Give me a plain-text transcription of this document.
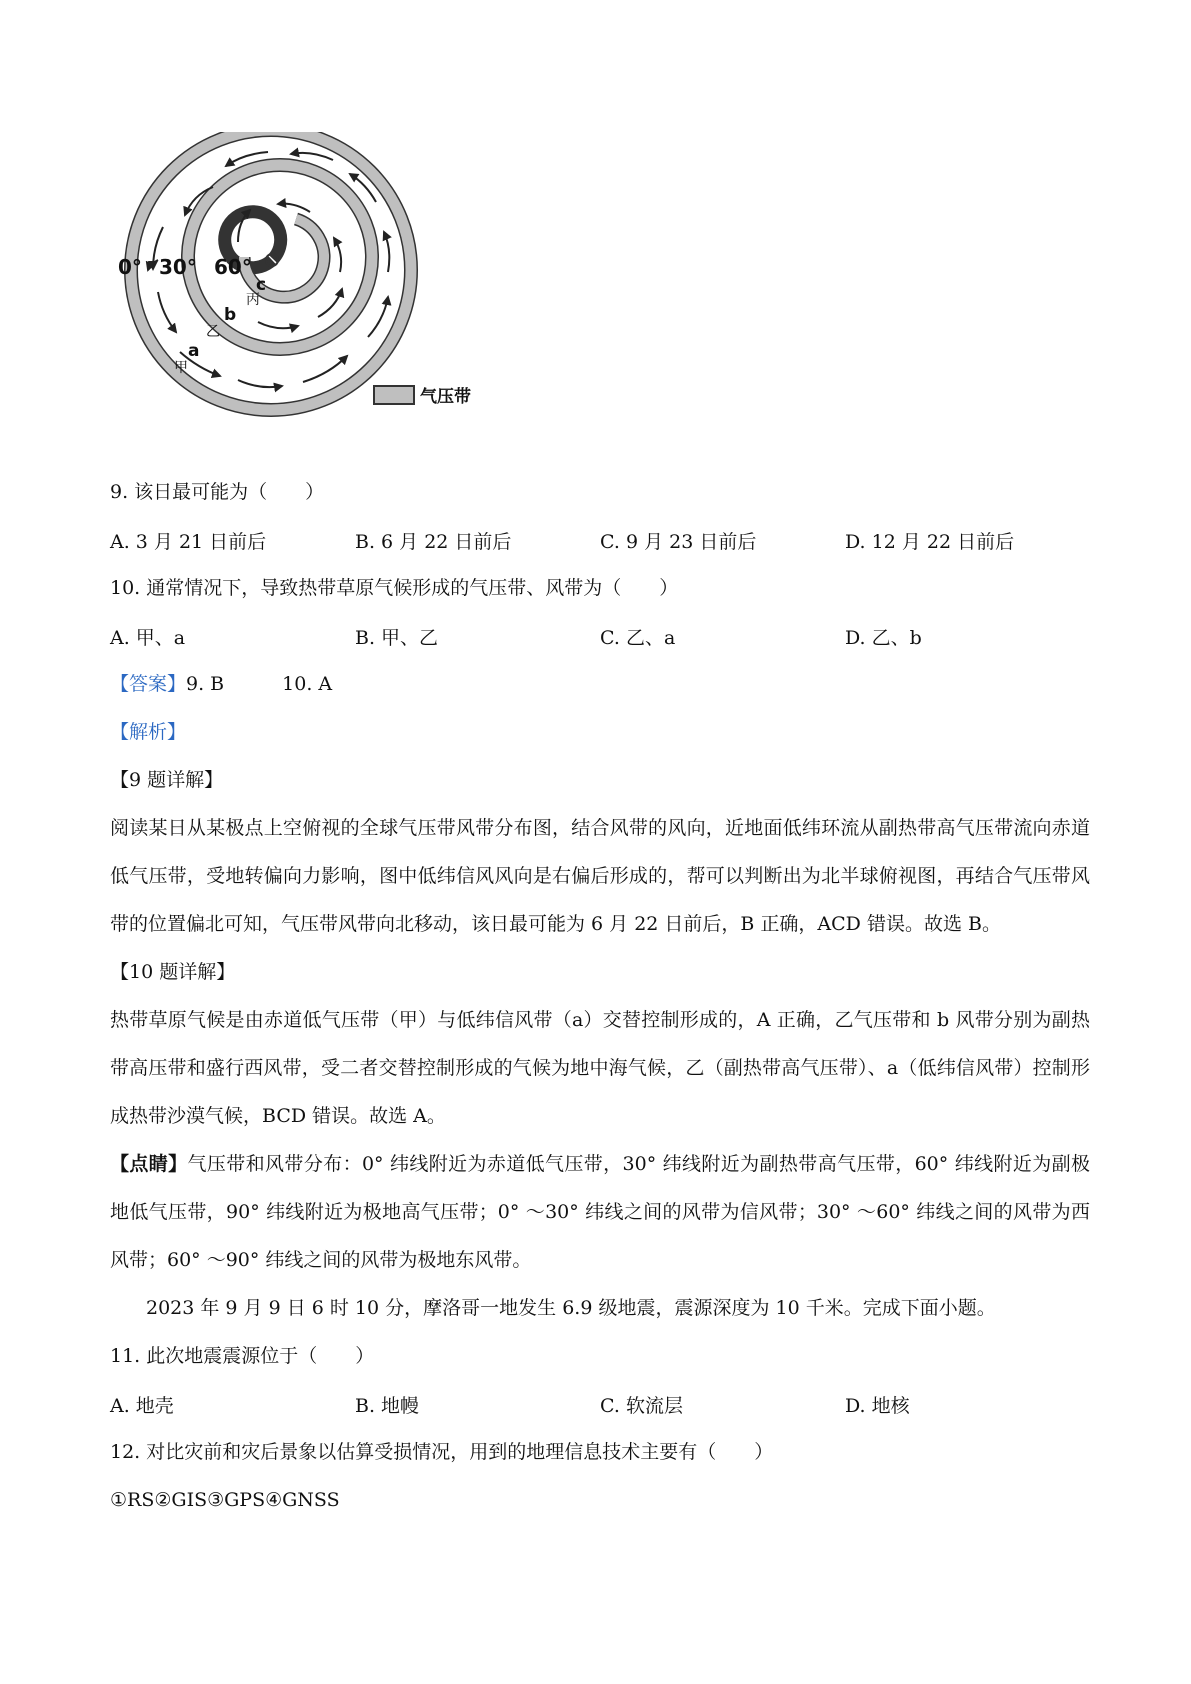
0° 30° 60°
c
丙
b
乙
a
甲
气压带
9. 该日最可能为（　　）
A. 3 月 21 日前后	B. 6 月 22 日前后	C. 9 月 23 日前后	D. 12 月 22 日前后
10. 通常情况下，导致热带草原气候形成的气压带、风带为（　　）
A. 甲、a	B. 甲、乙	C. 乙、a	D. 乙、b
【答案】 9. B	10. A
【解析】
【9 题详解】

阅读某日从某极点上空俯视的全球气压带风带分布图，结合风带的风向，近地面低纬环流从副热带高气压带流向赤道低气压带，受地转偏向力影响，图中低纬信风风向是右偏后形成的，帮可以判断出为北半球俯视图，再结合气压带风带的位置偏北可知，气压带风带向北移动，该日最可能为 6 月 22 日前后，B 正确，ACD 错误。故选 B。

【10 题详解】

热带草原气候是由赤道低气压带（甲）与低纬信风带（a）交替控制形成的，A 正确，乙气压带和 b 风带分别为副热带高压带和盛行西风带，受二者交替控制形成的气候为地中海气候，乙（副热带高气压带）、a（低纬信风带）控制形成热带沙漠气候，BCD 错误。故选 A。

【点睛】气压带和风带分布：0° 纬线附近为赤道低气压带，30° 纬线附近为副热带高气压带，60° 纬线附近为副极地低气压带，90° 纬线附近为极地高气压带；0° ～30° 纬线之间的风带为信风带；30° ～60° 纬线之间的风带为西风带；60° ～90° 纬线之间的风带为极地东风带。

2023 年 9 月 9 日 6 时 10 分，摩洛哥一地发生 6.9 级地震，震源深度为 10 千米。完成下面小题。

11. 此次地震震源位于（　　）
A. 地壳	B. 地幔	C. 软流层	D. 地核
12. 对比灾前和灾后景象以估算受损情况，用到的地理信息技术主要有（　　）
①RS②GIS③GPS④GNSS
